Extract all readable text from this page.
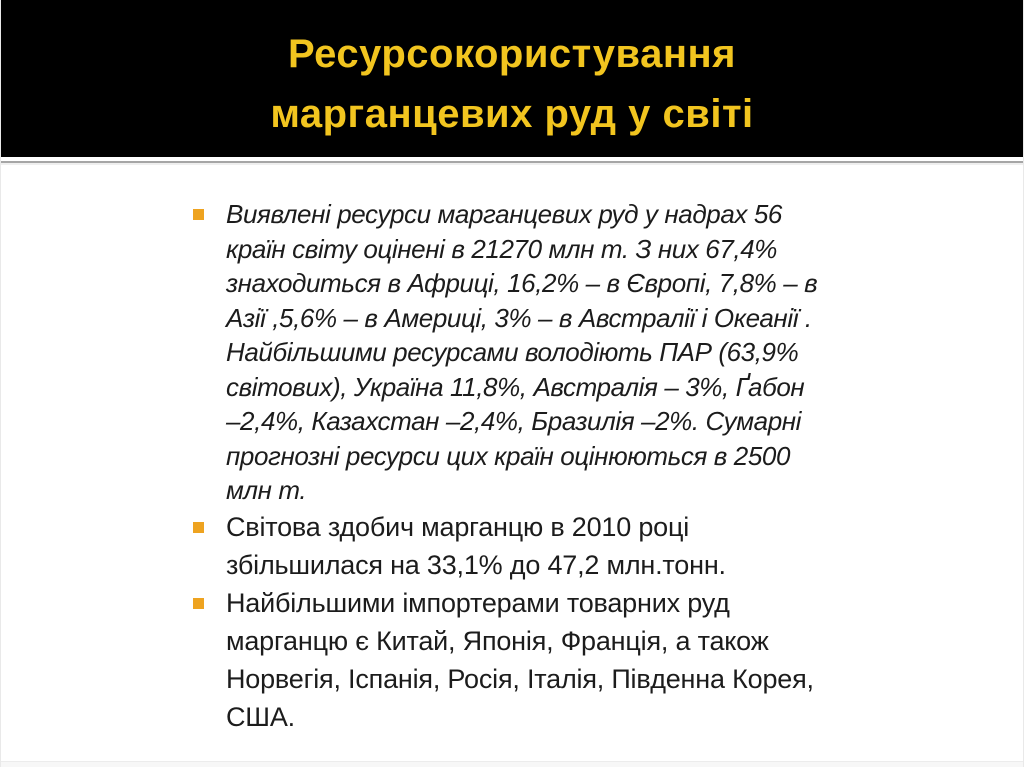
Ресурсокористування
марганцевих руд у світі
Виявлені ресурси марганцевих руд у надрах 56
країн світу оцінені в 21270 млн т. З них 67,4%
знаходиться в Африці, 16,2% – в Європі, 7,8% – в
Азії ,5,6% – в Америці, 3% – в Австралії і Океанії .
Найбільшими ресурсами володіють ПАР (63,9%
світових), Україна 11,8%, Австралія – 3%, Ґабон
–2,4%, Казахстан –2,4%, Бразилія –2%. Сумарні
прогнозні ресурси цих країн оцінюються в 2500
млн т.
Світова здобич марганцю в 2010 році
збільшилася на 33,1% до 47,2 млн.тонн.
Найбільшими імпортерами товарних руд
марганцю є Китай, Японія, Франція, а також
Норвегія, Іспанія, Росія, Італія, Південна Корея,
США.
